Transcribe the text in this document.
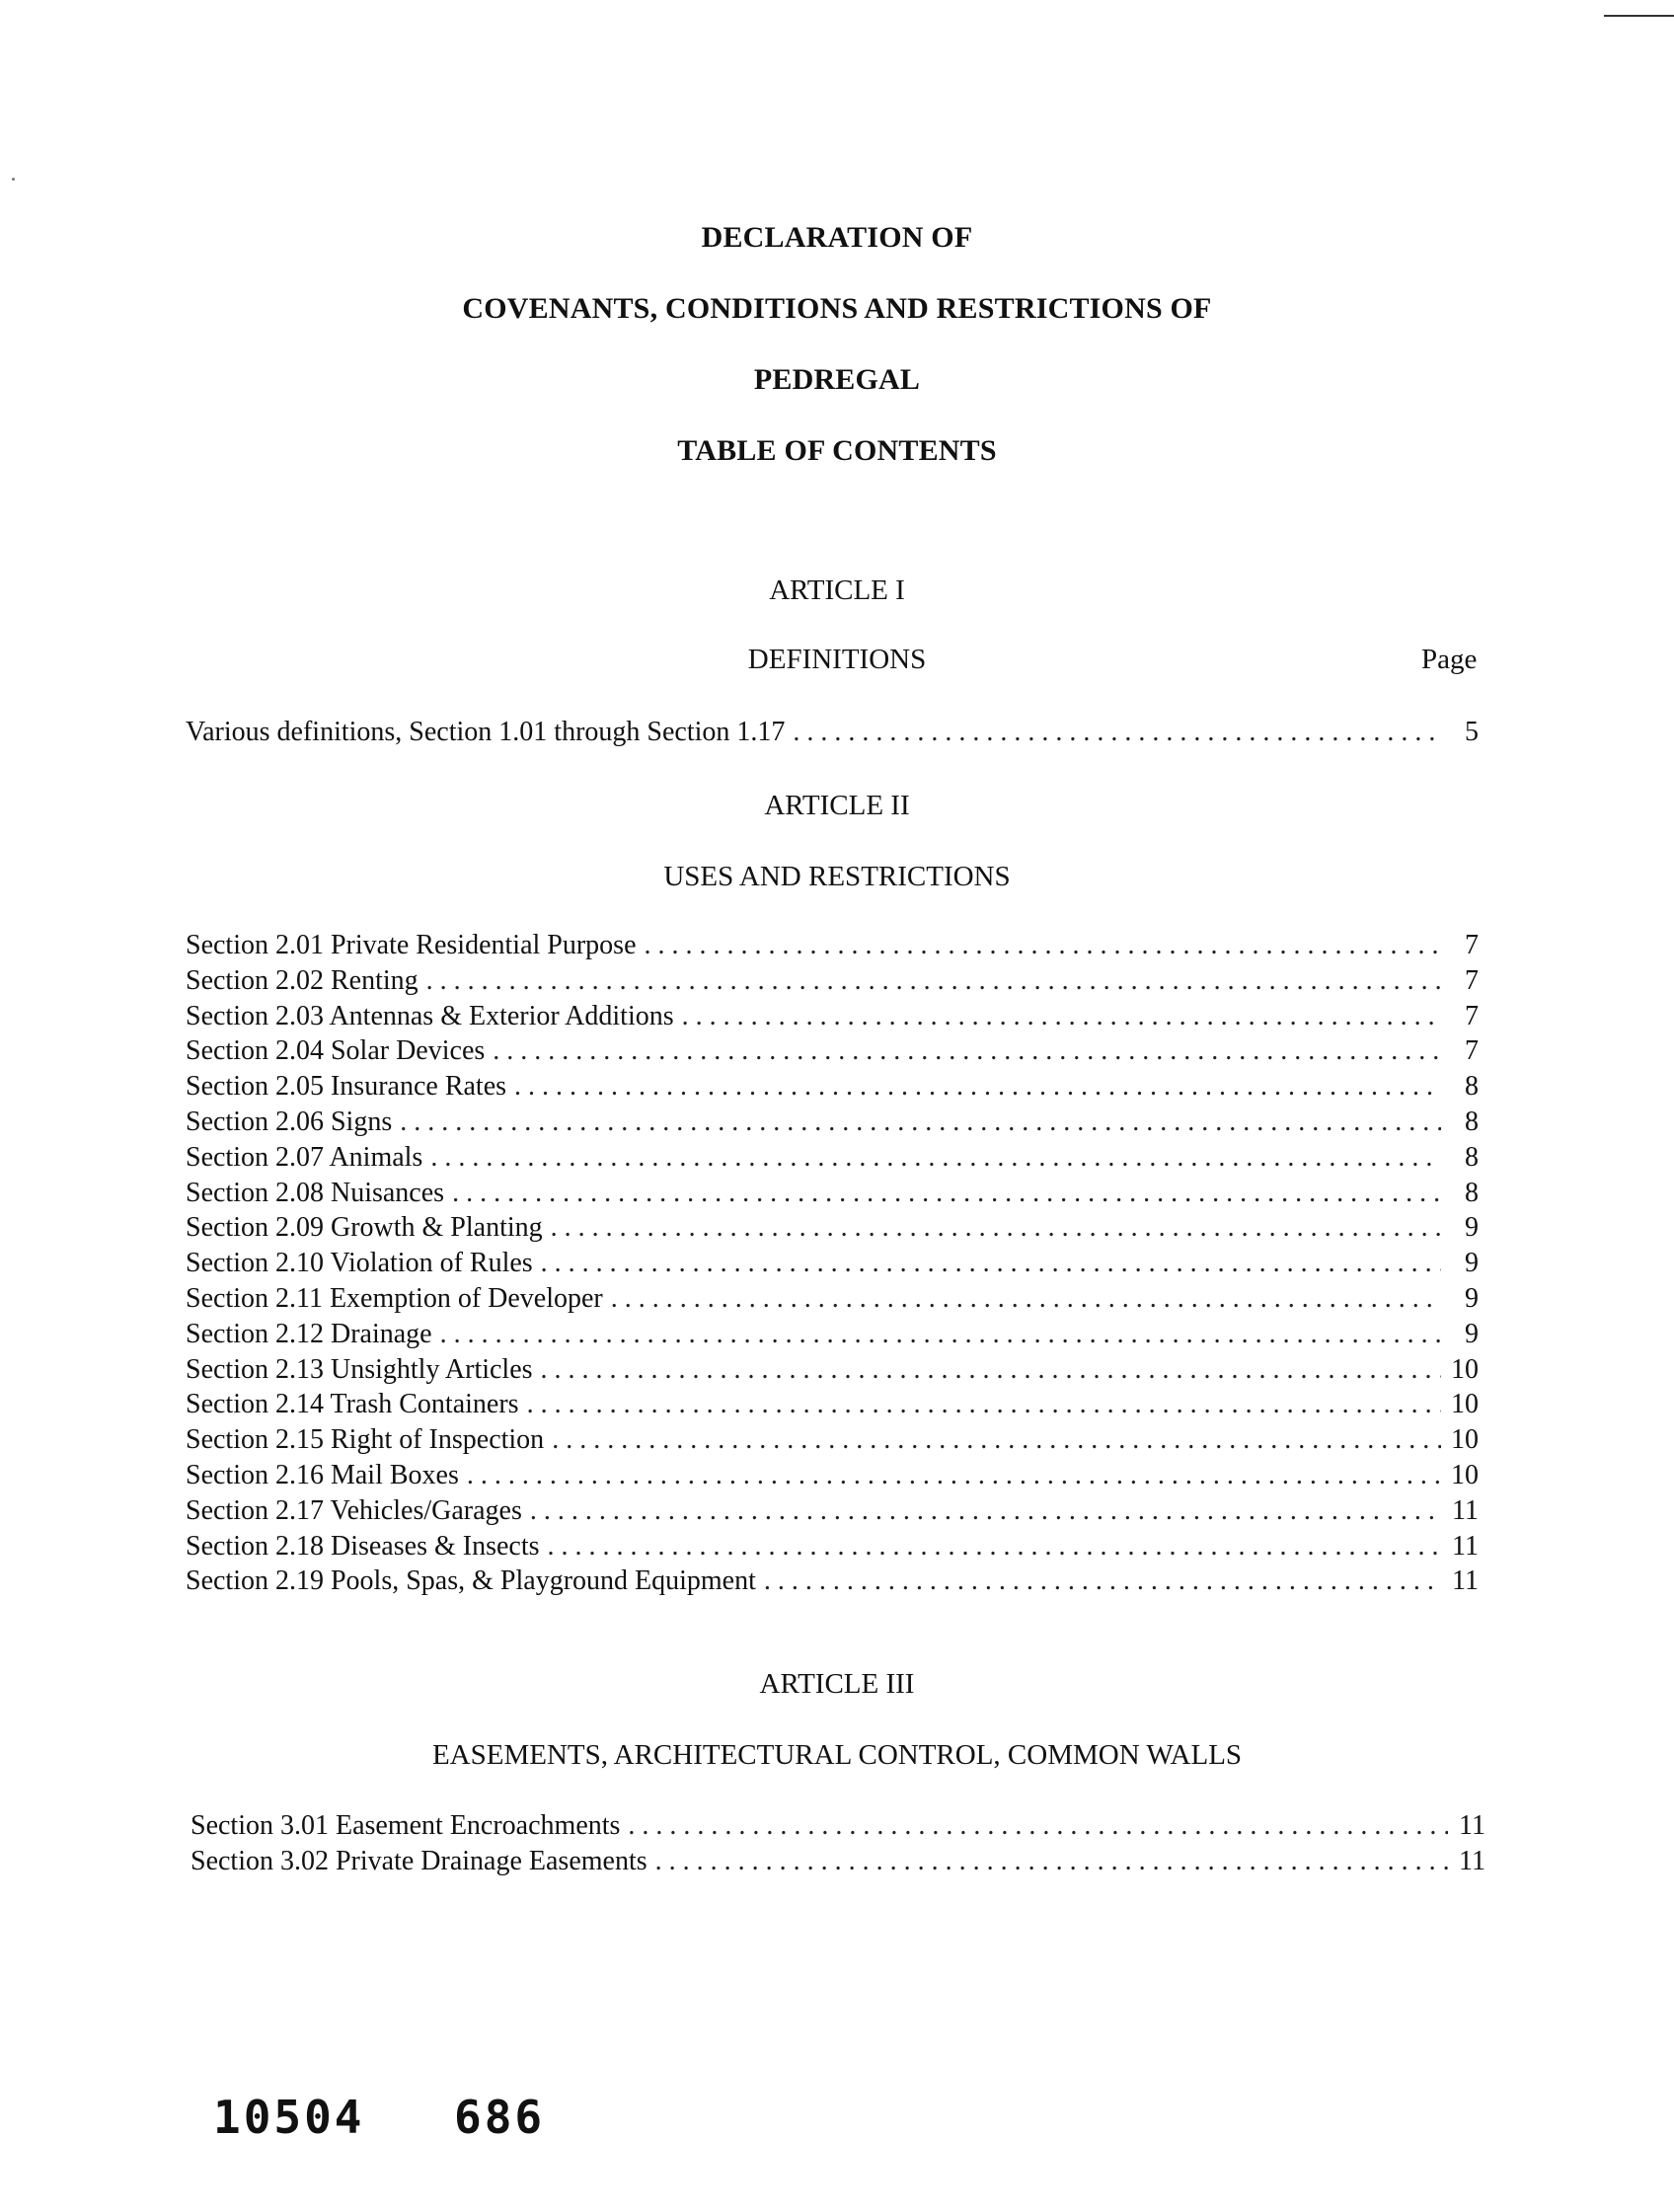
DECLARATION OF
COVENANTS, CONDITIONS AND RESTRICTIONS OF
PEDREGAL
TABLE OF CONTENTS
ARTICLE I
DEFINITIONS	Page
Various definitions, Section 1.01 through Section 1.17 . . .	5
ARTICLE II
USES AND RESTRICTIONS
Section 2.01 Private Residential Purpose . . .	7
Section 2.02 Renting . . .	7
Section 2.03 Antennas & Exterior Additions . . .	7
Section 2.04 Solar Devices . . .	7
Section 2.05 Insurance Rates . . .	8
Section 2.06 Signs . . .	8
Section 2.07 Animals . . .	8
Section 2.08 Nuisances . . .	8
Section 2.09 Growth & Planting . . .	9
Section 2.10 Violation of Rules . . .	9
Section 2.11 Exemption of Developer . . .	9
Section 2.12 Drainage . . .	9
Section 2.13 Unsightly Articles . . .	10
Section 2.14 Trash Containers . . .	10
Section 2.15 Right of Inspection . . .	10
Section 2.16 Mail Boxes . . .	10
Section 2.17 Vehicles/Garages . . .	11
Section 2.18 Diseases & Insects . . .	11
Section 2.19 Pools, Spas, & Playground Equipment . . .	11
ARTICLE III
EASEMENTS, ARCHITECTURAL CONTROL, COMMON WALLS
Section 3.01 Easement Encroachments . . .	11
Section 3.02 Private Drainage Easements . . .	11
10504 686
